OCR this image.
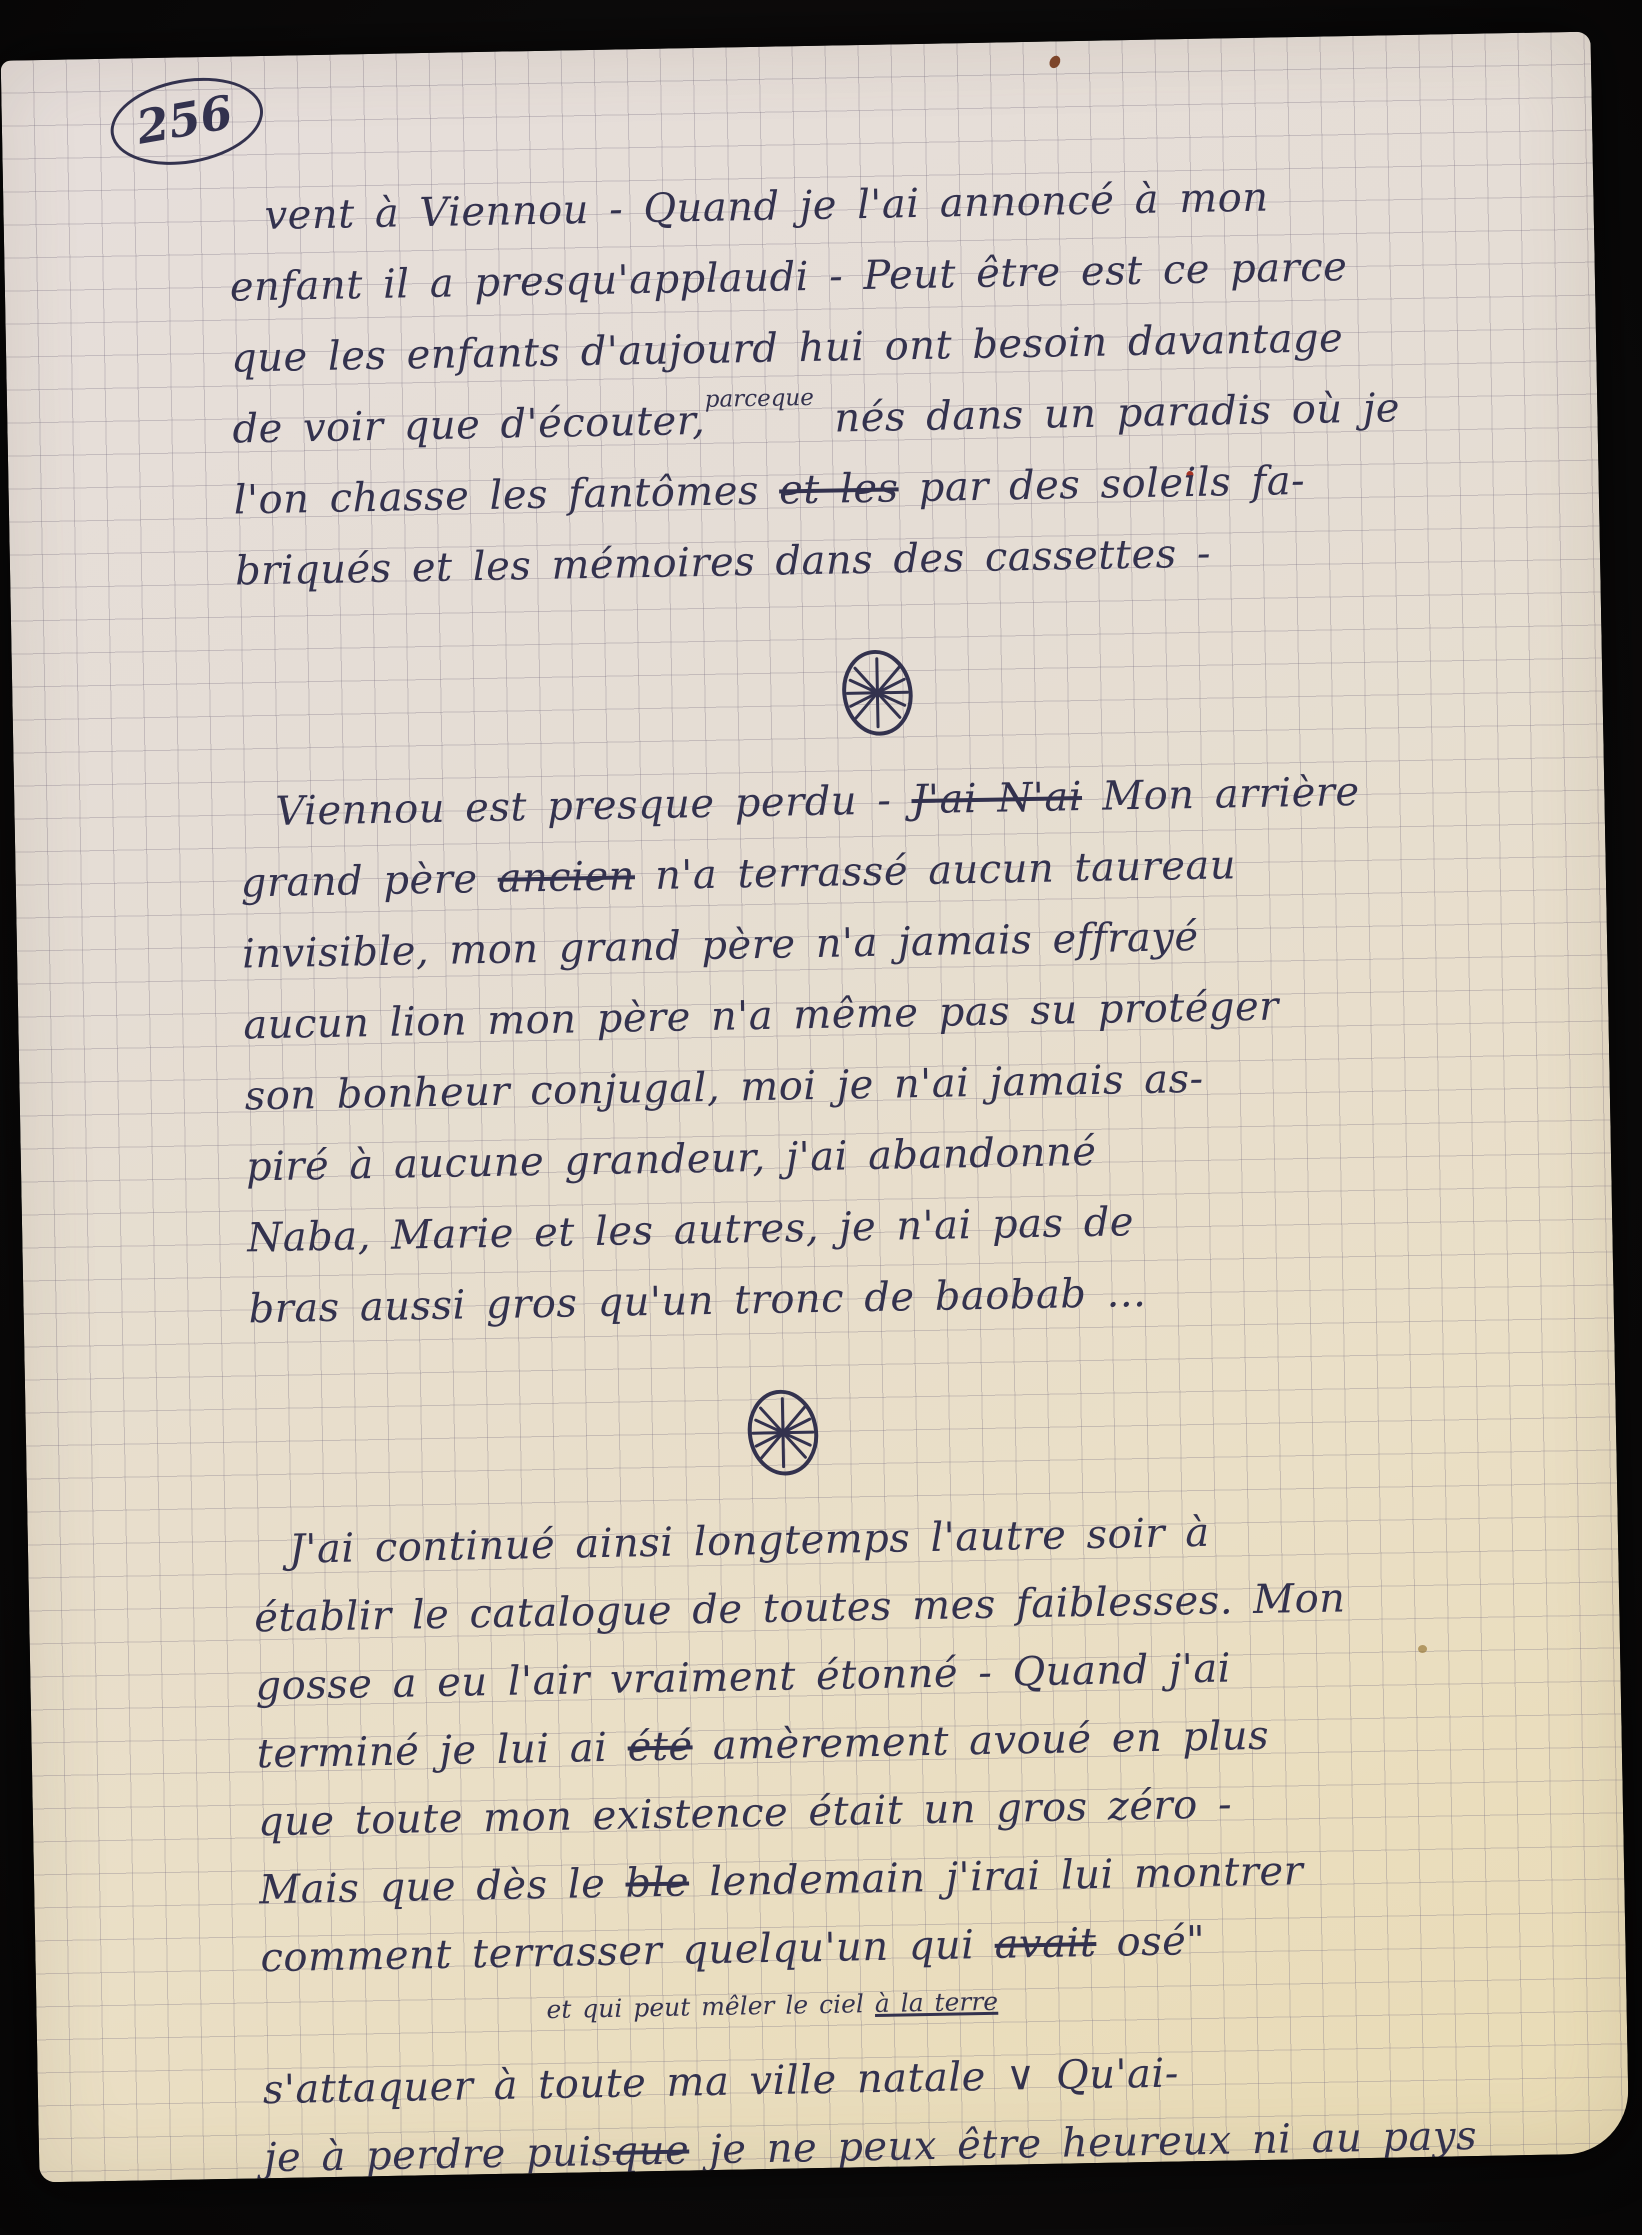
256
vent à Viennou - Quand je l'ai annoncé à mon
enfant il a presqu'applaudi - Peut être est ce parce
que les enfants d'aujourd hui ont besoin davantage
de voir que d'écouter,$^{parceque}$ nés dans un paradis où je
l'on chasse les fantômes et les par des soleils fa-
briqués et les mémoires dans des cassettes -
Viennou est presque perdu - J'ai N'ai Mon arrière
grand père ancien n'a terrassé aucun taureau
invisible, mon grand père n'a jamais effrayé
aucun lion mon père n'a même pas su protéger
son bonheur conjugal, moi je n'ai jamais as-
piré à aucune grandeur, j'ai abandonné
Naba, Marie et les autres, je n'ai pas de
bras aussi gros qu'un tronc de baobab ...
J'ai continué ainsi longtemps l'autre soir à
établir le catalogue de toutes mes faiblesses. Mon
gosse a eu l'air vraiment étonné - Quand j'ai
terminé je lui ai été amèrement avoué en plus
que toute mon existence était un gros zéro -
Mais que dès le ble lendemain j'irai lui montrer
comment terrasser quelqu'un qui avait osé"
et qui peut mêler le ciel à la terre
s'attaquer à toute ma ville natale ∨ Qu'ai-
je à perdre puisque je ne peux être heureux ni au pays
